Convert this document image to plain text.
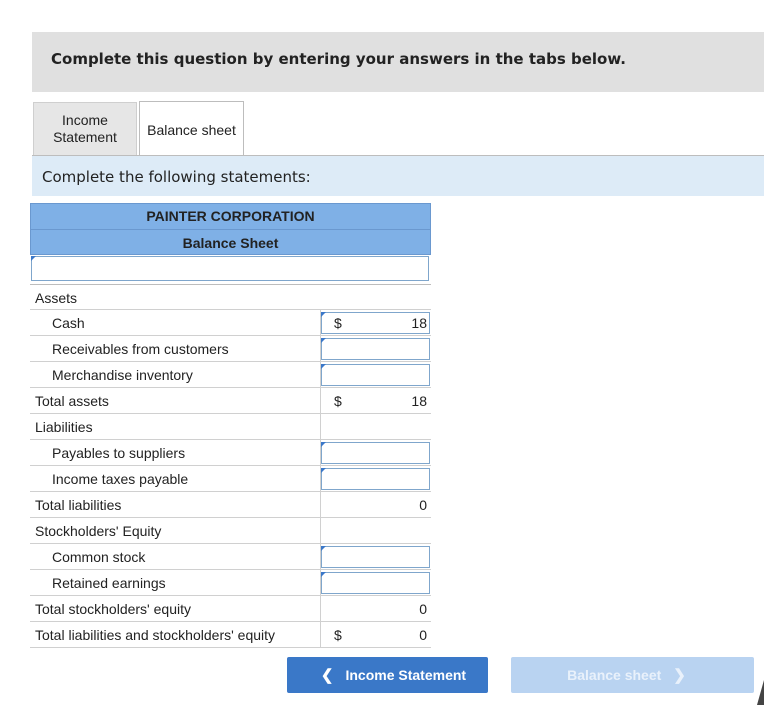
Complete this question by entering your answers in the tabs below.
Income
Statement Balance sheet
Complete the following statements:
PAINTER CORPORATION
Balance Sheet
Assets
Cash	$	18
Receivables from customers
Merchandise inventory
Total assets	$	18
Liabilities
Payables to suppliers
Income taxes payable
Total liabilities	0
Stockholders' Equity
Common stock
Retained earnings
Total stockholders' equity	0
Total liabilities and stockholders' equity	$	0
❮ Income Statement	Balance sheet ❯
